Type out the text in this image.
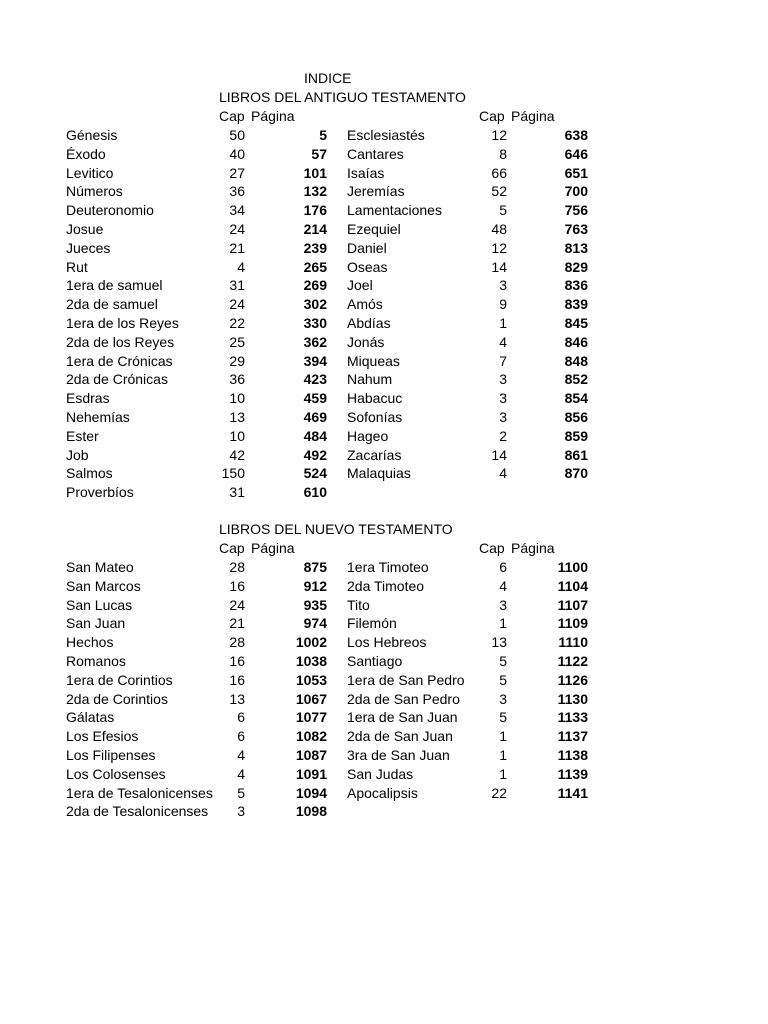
INDICE
LIBROS DEL ANTIGUO TESTAMENTO
Cap Página	Cap Página
Génesis	50	5
Éxodo	40	57
Levitico	27	101
Números	36	132
Deuteronomio	34	176
Josue	24	214
Jueces	21	239
Rut	4	265
1era de samuel	31	269
2da de samuel	24	302
1era de los Reyes	22	330
2da de los Reyes	25	362
1era de Crónicas	29	394
2da de Crónicas	36	423
Esdras	10	459
Nehemías	13	469
Ester	10	484
Job	42	492
Salmos	150	524
Proverbíos	31	610
Esclesiastés	12	638
Cantares	8	646
Isaías	66	651
Jeremías	52	700
Lamentaciones	5	756
Ezequiel	48	763
Daniel	12	813
Oseas	14	829
Joel	3	836
Amós	9	839
Abdías	1	845
Jonás	4	846
Miqueas	7	848
Nahum	3	852
Habacuc	3	854
Sofonías	3	856
Hageo	2	859
Zacarías	14	861
Malaquias	4	870
LIBROS DEL NUEVO TESTAMENTO
Cap Página	Cap Página
San Mateo	28	875
San Marcos	16	912
San Lucas	24	935
San Juan	21	974
Hechos	28	1002
Romanos	16	1038
1era de Corintios	16	1053
2da de Corintios	13	1067
Gálatas	6	1077
Los Efesios	6	1082
Los Filipenses	4	1087
Los Colosenses	4	1091
1era de Tesalonicenses	5	1094
2da de Tesalonicenses	3	1098
1era Timoteo	6	1100
2da Timoteo	4	1104
Tito	3	1107
Filemón	1	1109
Los Hebreos	13	1110
Santiago	5	1122
1era de San Pedro	5	1126
2da de San Pedro	3	1130
1era de San Juan	5	1133
2da de San Juan	1	1137
3ra de San Juan	1	1138
San Judas	1	1139
Apocalipsis	22	1141
